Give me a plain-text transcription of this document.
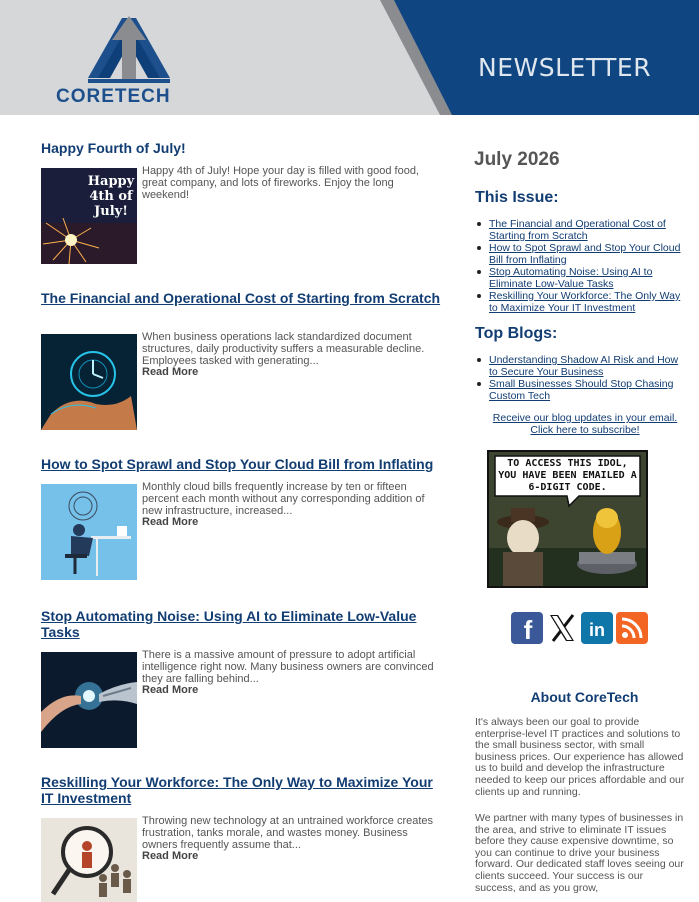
CORETECH
NEWSLETTER
Happy Fourth of July!
Happy
4th of
July!
Happy 4th of July! Hope your day is filled with good food, great company, and lots of fireworks. Enjoy the long weekend!
The Financial and Operational Cost of Starting from Scratch
When business operations lack standardized document structures, daily productivity suffers a measurable decline. Employees tasked with generating...
Read More
How to Spot Sprawl and Stop Your Cloud Bill from Inflating
Monthly cloud bills frequently increase by ten or fifteen percent each month without any corresponding addition of new infrastructure, increased...
Read More
Stop Automating Noise: Using AI to Eliminate Low-Value Tasks
There is a massive amount of pressure to adopt artificial intelligence right now. Many business owners are convinced they are falling behind...
Read More
Reskilling Your Workforce: The Only Way to Maximize Your IT Investment
Throwing new technology at an untrained workforce creates frustration, tanks morale, and wastes money. Business owners frequently assume that...
Read More
July 2026
This Issue:
The Financial and Operational Cost of Starting from Scratch
How to Spot Sprawl and Stop Your Cloud Bill from Inflating
Stop Automating Noise: Using AI to Eliminate Low-Value Tasks
Reskilling Your Workforce: The Only Way to Maximize Your IT Investment
Top Blogs:
Understanding Shadow AI Risk and How to Secure Your Business
Small Businesses Should Stop Chasing Custom Tech
Receive our blog updates in your email. Click here to subscribe!
TO ACCESS THIS IDOL, YOU HAVE BEEN EMAILED A 6-DIGIT CODE.
f	in
About CoreTech
It's always been our goal to provide enterprise-level IT practices and solutions to the small business sector, with small business prices. Our experience has allowed us to build and develop the infrastructure needed to keep our prices affordable and our clients up and running.
We partner with many types of businesses in the area, and strive to eliminate IT issues before they cause expensive downtime, so you can continue to drive your business forward. Our dedicated staff loves seeing our clients succeed. Your success is our success, and as you grow,
